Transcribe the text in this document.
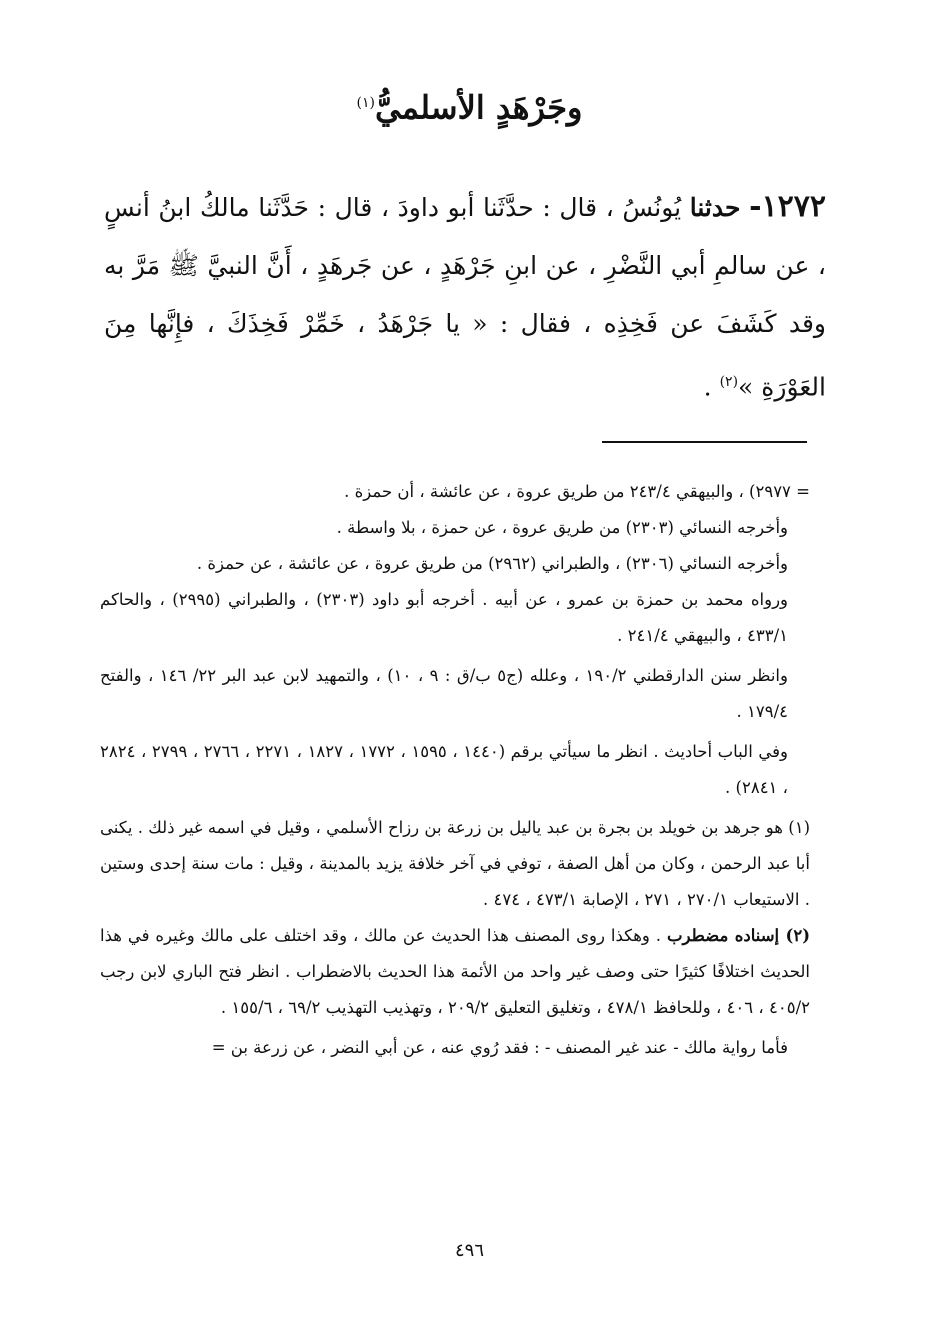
وجَرْهَدٍ الأسلميُّ$^{(١)}$

١٢٧٢- حدثنا يُونُسُ ، قال : حدَّثَنا أبو داودَ ، قال : حَدَّثَنا مالكُ ابنُ أنسٍ ، عن سالمِ أبي النَّضْرِ ، عن ابنِ جَرْهَدٍ ، عن جَرهَدٍ ، أَنَّ النبيَّ ﷺ مَرَّ به وقد كَشَفَ عن فَخِذِه ، فقال : « يا جَرْهَدُ ، خَمِّرْ فَخِذَكَ ، فإِنَّها مِنَ العَوْرَةِ »$^{(٢)}$ .

= ٢٩٧٧) ، والبيهقي ٢٤٣/٤ من طريق عروة ، عن عائشة ، أن حمزة .

وأخرجه النسائي (٢٣٠٣) من طريق عروة ، عن حمزة ، بلا واسطة .

وأخرجه النسائي (٢٣٠٦) ، والطبراني (٢٩٦٢) من طريق عروة ، عن عائشة ، عن حمزة .

ورواه محمد بن حمزة بن عمرو ، عن أبيه . أخرجه أبو داود (٢٣٠٣) ، والطبراني (٢٩٩٥) ، والحاكم ٤٣٣/١ ، والبيهقي ٢٤١/٤ .

وانظر سنن الدارقطني ١٩٠/٢ ، وعلله (ج٥ ب/ق : ٩ ، ١٠) ، والتمهيد لابن عبد البر ٢٢/ ١٤٦ ، والفتح ١٧٩/٤ .

وفي الباب أحاديث . انظر ما سيأتي برقم (١٤٤٠ ، ١٥٩٥ ، ١٧٧٢ ، ١٨٢٧ ، ٢٢٧١ ، ٢٧٦٦ ، ٢٧٩٩ ، ٢٨٢٤ ، ٢٨٤١) .

(١) هو جرهد بن خويلد بن بجرة بن عبد ياليل بن زرعة بن رزاح الأسلمي ، وقيل في اسمه غير ذلك . يكنى أبا عبد الرحمن ، وكان من أهل الصفة ، توفي في آخر خلافة يزيد بالمدينة ، وقيل : مات سنة إحدى وستين . الاستيعاب ٢٧٠/١ ، ٢٧١ ، الإصابة ٤٧٣/١ ، ٤٧٤ .

(٢) إسناده مضطرب . وهكذا روى المصنف هذا الحديث عن مالك ، وقد اختلف على مالك وغيره في هذا الحديث اختلافًا كثيرًا حتى وصف غير واحد من الأئمة هذا الحديث بالاضطراب . انظر فتح الباري لابن رجب ٤٠٥/٢ ، ٤٠٦ ، وللحافظ ٤٧٨/١ ، وتغليق التعليق ٢٠٩/٢ ، وتهذيب التهذيب ٦٩/٢ ، ١٥٥/٦ .

فأما رواية مالك - عند غير المصنف - : فقد رُوي عنه ، عن أبي النضر ، عن زرعة بن =

٤٩٦
